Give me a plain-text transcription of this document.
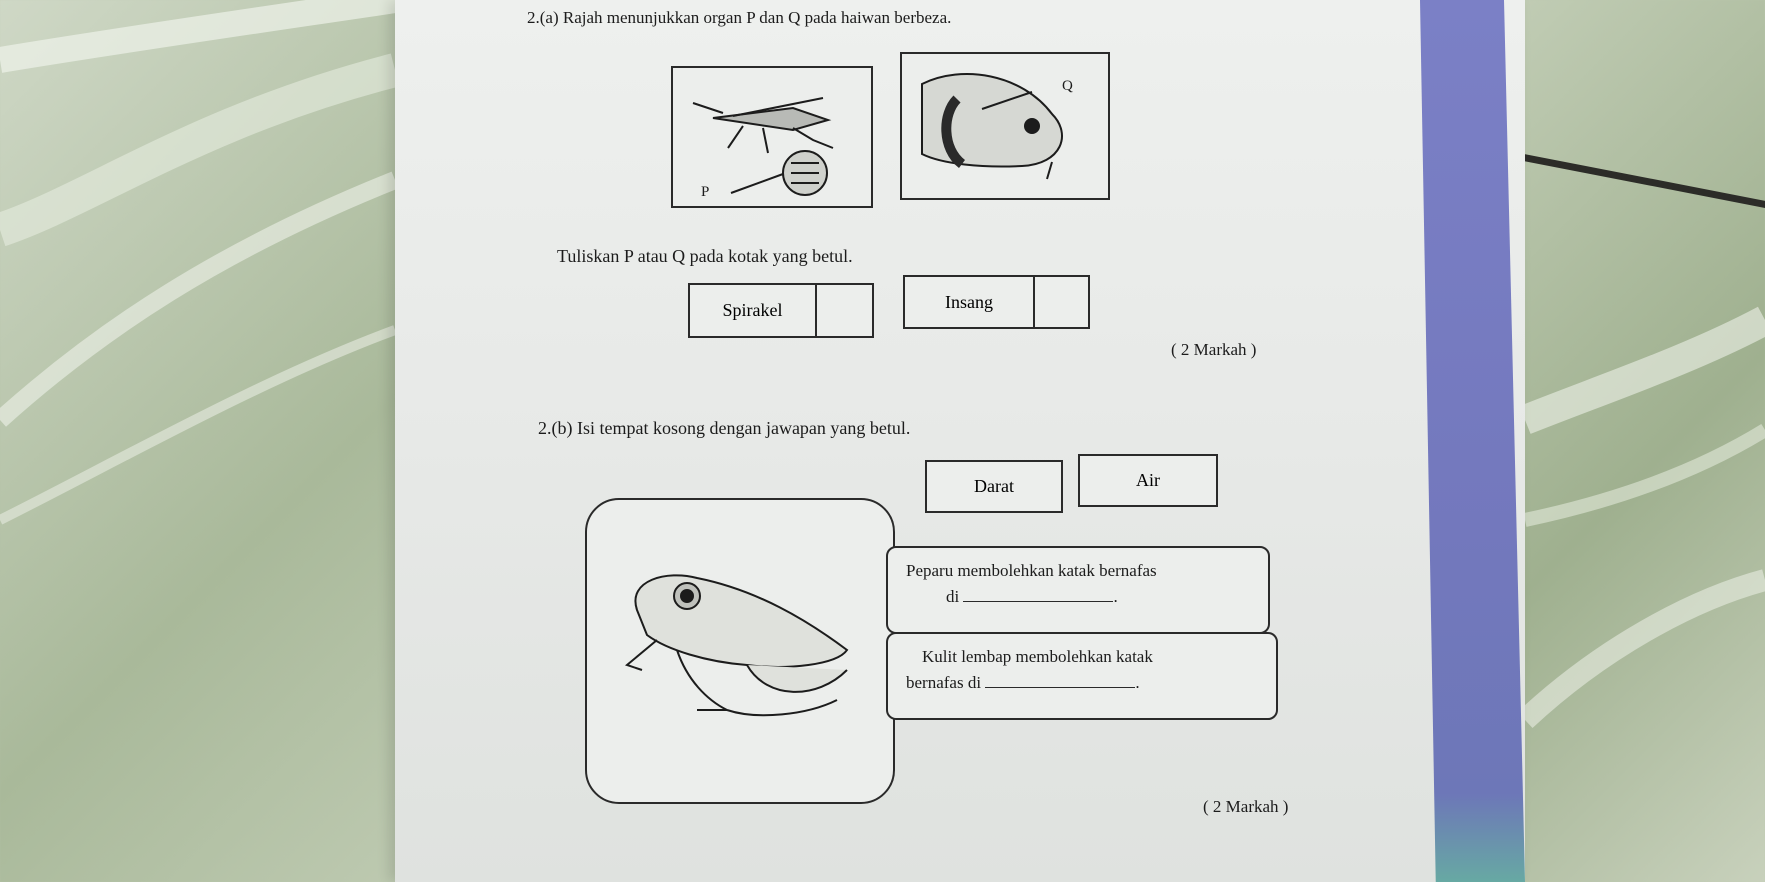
2.(a) Rajah menunjukkan organ P dan Q pada haiwan berbeza.
P
Q
Tuliskan P atau Q pada kotak yang betul.
Spirakel	Insang
( 2 Markah )
2.(b) Isi tempat kosong dengan jawapan yang betul.
Darat	Air
Peparu membolehkan katak bernafas
di	.
Kulit lembap membolehkan katak
bernafas di	.
( 2 Markah )
